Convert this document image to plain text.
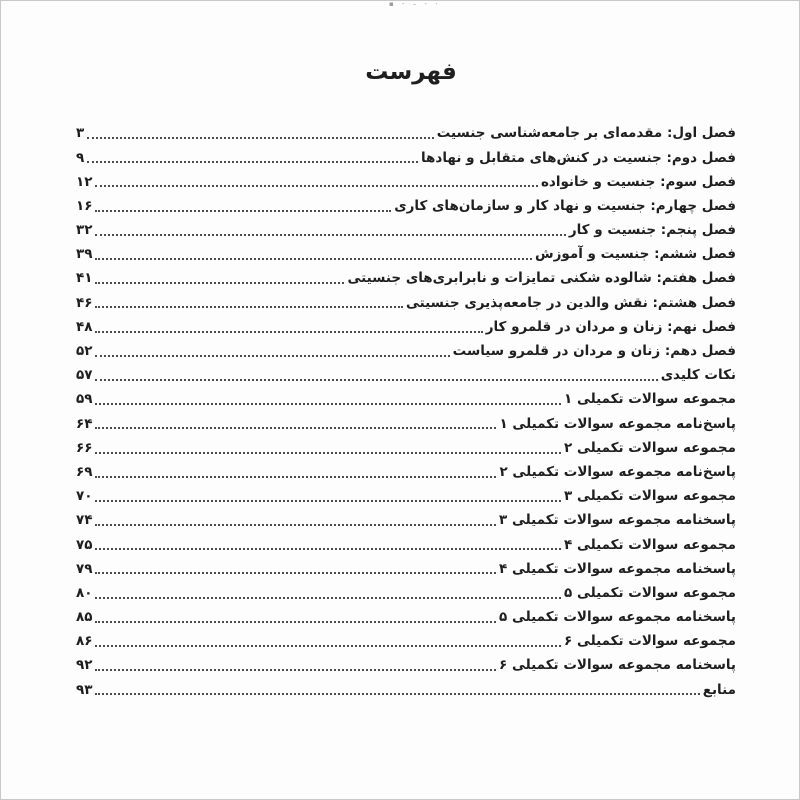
▪ - – - ·
فهرست
فصل اول: مقدمه‌ای بر جامعه‌شناسی جنسیت
۳
فصل دوم: جنسیت در کنش‌های متقابل و نهادها
۹
فصل سوم: جنسیت و خانواده
۱۲
فصل چهارم: جنسیت و نهاد کار و سازمان‌های کاری
۱۶
فصل پنجم: جنسیت و کار
۳۲
فصل ششم: جنسیت و آموزش
۳۹
فصل هفتم: شالوده شکنی تمایزات و نابرابری‌های جنسیتی
۴۱
فصل هشتم: نقش والدین در جامعه‌پذیری جنسیتی
۴۶
فصل نهم: زنان و مردان در قلمرو کار
۴۸
فصل دهم: زنان و مردان در قلمرو سیاست
۵۲
نکات کلیدی
۵۷
مجموعه سوالات تکمیلی ۱
۵۹
پاسخ‌نامه مجموعه سوالات تکمیلی ۱
۶۴
مجموعه سوالات تکمیلی ۲
۶۶
پاسخ‌نامه مجموعه سوالات تکمیلی ۲
۶۹
مجموعه سوالات تکمیلی ۳
۷۰
پاسخنامه مجموعه سوالات تکمیلی ۳
۷۴
مجموعه سوالات تکمیلی ۴
۷۵
پاسخنامه مجموعه سوالات تکمیلی ۴
۷۹
مجموعه سوالات تکمیلی ۵
۸۰
پاسخنامه مجموعه سوالات تکمیلی ۵
۸۵
مجموعه سوالات تکمیلی ۶
۸۶
پاسخنامه مجموعه سوالات تکمیلی ۶
۹۲
منابع
۹۳
